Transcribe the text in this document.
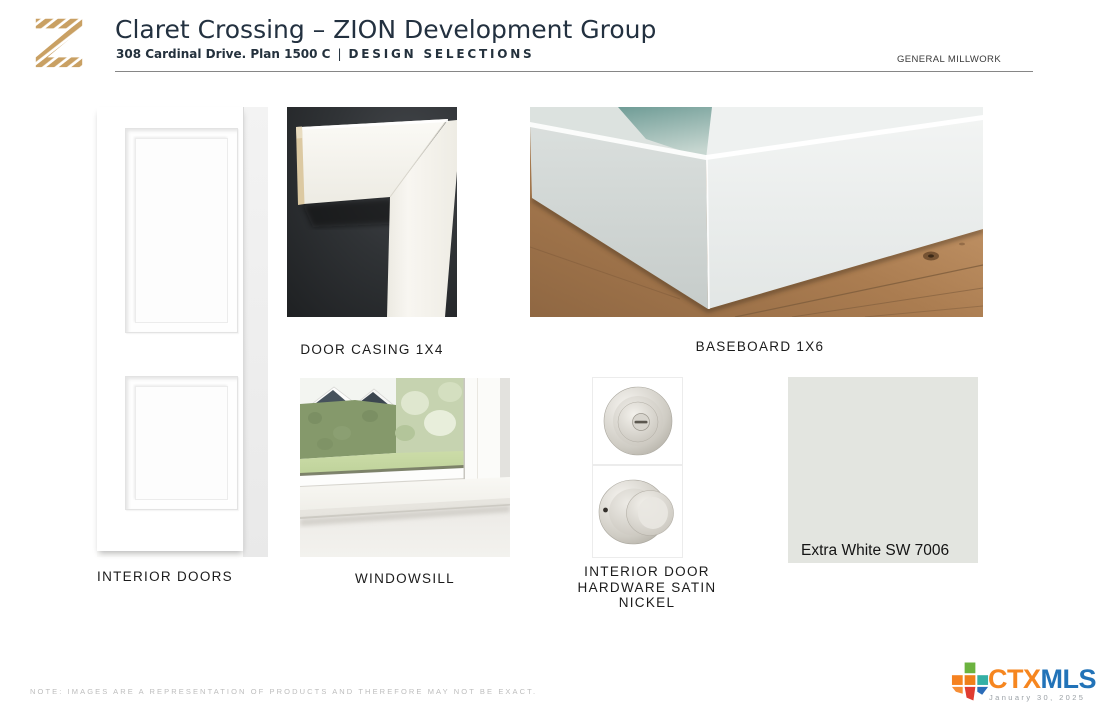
Claret Crossing – ZION Development Group
308 Cardinal Drive. Plan 1500 C | DESIGN SELECTIONS	GENERAL MILLWORK
INTERIOR DOORS
DOOR CASING 1X4	BASEBOARD 1X6
WINDOWSILL	INTERIOR DOOR
HARDWARE SATIN
NICKEL
Extra White SW 7006
NOTE: IMAGES ARE A REPRESENTATION OF PRODUCTS AND THEREFORE MAY NOT BE EXACT.	CTXMLS
January 30, 2025
